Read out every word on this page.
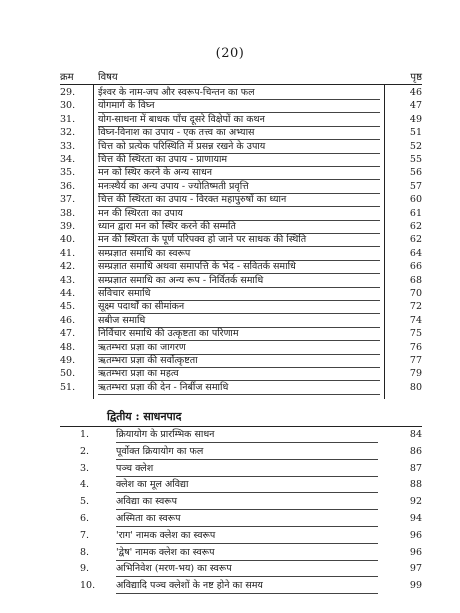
(20)
क्रम विषय	पृष्ठ
29.	ईश्वर के नाम-जप और स्वरूप-चिन्तन का फल	46
30.	योगमार्ग के विघ्न	47
31.	योग-साधना में बाधक पाँच दूसरे विक्षेपों का कथन	49
32.	विघ्न-विनाश का उपाय - एक तत्त्व का अभ्यास	51
33.	चित्त को प्रत्येक परिस्थिति में प्रसन्न रखने के उपाय	52
34.	चित्त की स्थिरता का उपाय - प्राणायाम	55
35.	मन को स्थिर करने के अन्य साधन	56
36.	मनःस्थैर्य का अन्य उपाय - ज्योतिष्मती प्रवृत्ति	57
37.	चित्त की स्थिरता का उपाय - विरक्त महापुरुषों का ध्यान	60
38.	मन की स्थिरता का उपाय	61
39.	ध्यान द्वारा मन को स्थिर करने की सम्मति	62
40.	मन की स्थिरता के पूर्ण परिपक्व हो जाने पर साधक की स्थिति	62
41.	सम्प्रज्ञात समाधि का स्वरूप	64
42.	सम्प्रज्ञात समाधि अथवा समापत्ति के भेद - सवितर्क समाधि	66
43.	सम्प्रज्ञात समाधि का अन्य रूप - निर्वितर्क समाधि	68
44.	सविचार समाधि	70
45.	सूक्ष्म पदार्थों का सीमांकन	72
46.	सबीज समाधि	74
47.	निर्विचार समाधि की उत्कृष्टता का परिणाम	75
48.	ऋतम्भरा प्रज्ञा का जागरण	76
49.	ऋतम्भरा प्रज्ञा की सर्वोत्कृष्टता	77
50.	ऋतम्भरा प्रज्ञा का महत्व	79
51.	ऋतम्भरा प्रज्ञा की देन - निर्बीज समाधि	80
द्वितीय : साधनपाद
1.	क्रियायोग के प्रारम्भिक साधन	84
2.	पूर्वोक्त क्रियायोग का फल	86
3.	पञ्च क्लेश	87
4.	क्लेश का मूल अविद्या	88
5.	अविद्या का स्वरूप	92
6.	अस्मिता का स्वरूप	94
7.	'राग' नामक क्लेश का स्वरूप	96
8.	'द्वेष' नामक क्लेश का स्वरूप	96
9.	अभिनिवेश (मरण-भय) का स्वरूप	97
10.	अविद्यादि पञ्च क्लेशों के नष्ट होने का समय	99
